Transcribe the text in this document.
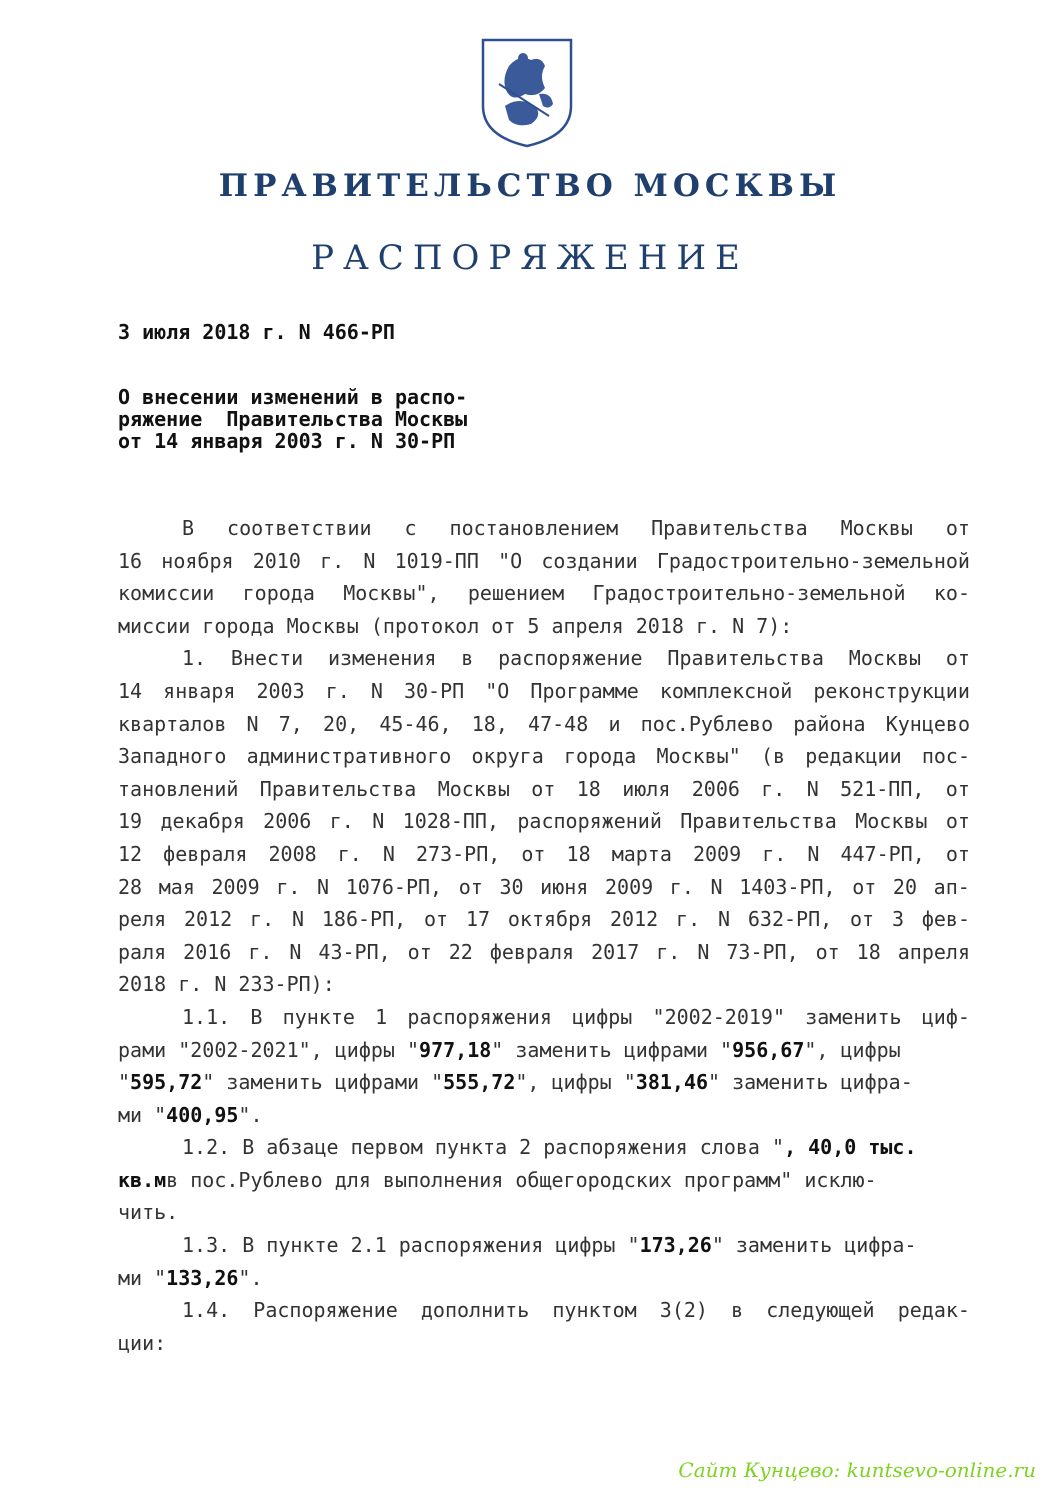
ПРАВИТЕЛЬСТВО МОСКВЫ
РАСПОРЯЖЕНИЕ
3 июля 2018 г. N 466-РП
О внесении изменений в распо-
ряжение  Правительства Москвы
от 14 января 2003 г. N 30-РП
В соответствии с постановлением Правительства Москвы от
16 ноября 2010 г. N 1019-ПП "О создании Градостроительно-земельной
комиссии города Москвы", решением Градостроительно-земельной ко-
миссии города Москвы (протокол от 5 апреля 2018 г. N 7):
1. Внести изменения в распоряжение Правительства Москвы от
14 января 2003 г. N 30-РП "О Программе комплексной реконструкции
кварталов N 7, 20, 45-46, 18, 47-48 и пос.Рублево района Кунцево
Западного административного округа города Москвы" (в редакции пос-
тановлений Правительства Москвы от 18 июля 2006 г. N 521-ПП, от
19 декабря 2006 г. N 1028-ПП, распоряжений Правительства Москвы от
12 февраля 2008 г. N 273-РП, от 18 марта 2009 г. N 447-РП, от
28 мая 2009 г. N 1076-РП, от 30 июня 2009 г. N 1403-РП, от 20 ап-
реля 2012 г. N 186-РП, от 17 октября 2012 г. N 632-РП, от 3 фев-
раля 2016 г. N 43-РП, от 22 февраля 2017 г. N 73-РП, от 18 апреля
2018 г. N 233-РП):
1.1. В пункте 1 распоряжения цифры "2002-2019" заменить циф-
рами "2002-2021", цифры " 977,18 " заменить цифрами " 956,67 ", цифры
" 595,72 " заменить цифрами " 555,72 ", цифры " 381,46 " заменить цифра-
ми " 400,95 ".
1.2. В абзаце первом пункта 2 распоряжения слова " , 40,0 тыс.
кв.м в пос.Рублево для выполнения общегородских программ" исклю-
чить.
1.3. В пункте 2.1 распоряжения цифры " 173,26 " заменить цифра-
ми " 133,26 ".
1.4. Распоряжение дополнить пунктом 3(2) в следующей редак-
ции:
Сайт Кунцево: kuntsevo-online.ru
